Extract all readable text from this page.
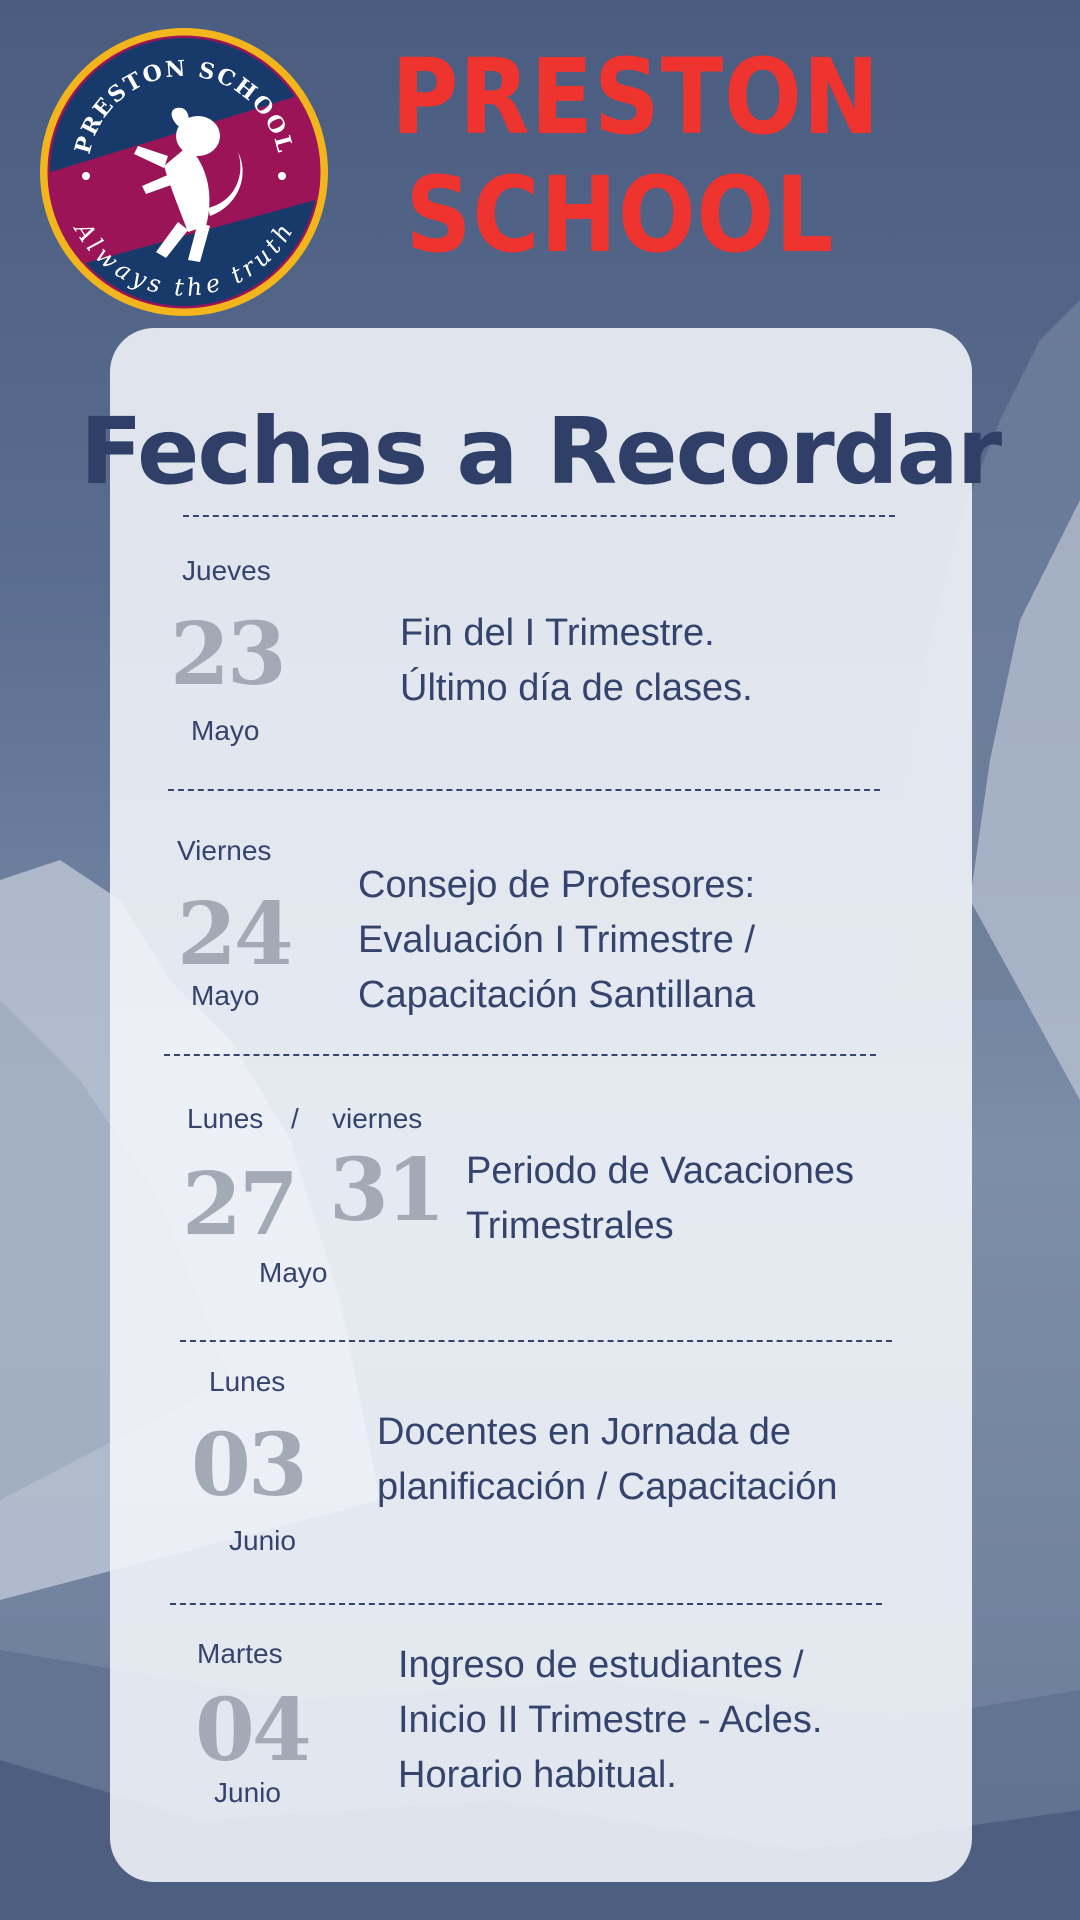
PRESTON SCHOOL
Always the truth
PRESTON
SCHOOL
Fechas a Recordar
Jueves
23
Mayo
Fin del I Trimestre.
Último día de clases.
Viernes
24
Mayo
Consejo de Profesores:
Evaluación I Trimestre /
Capacitación Santillana
Lunes / viernes
27 31
Mayo
Periodo de Vacaciones
Trimestrales
Lunes
03
Junio
Docentes en Jornada de
planificación / Capacitación
Martes
04
Junio
Ingreso de estudiantes /
Inicio II Trimestre - Acles.
Horario habitual.
